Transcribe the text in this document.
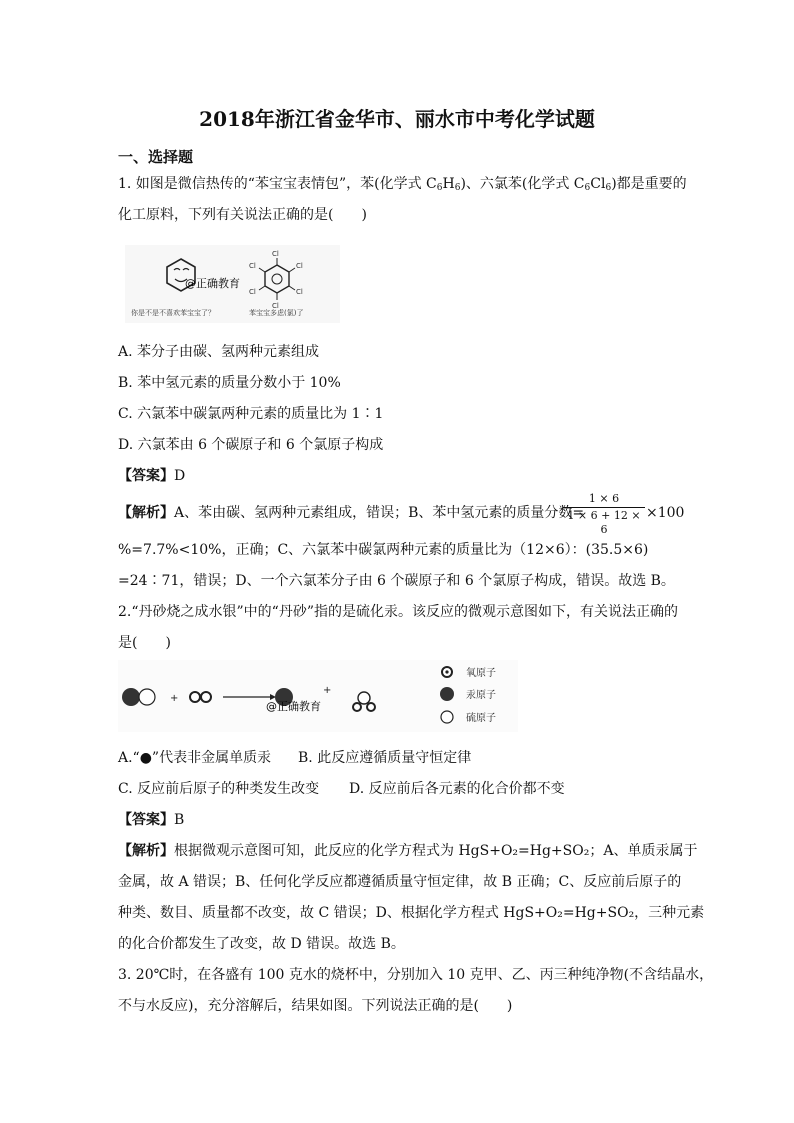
2018年浙江省金华市、丽水市中考化学试题
一、选择题
1. 如图是微信热传的“苯宝宝表情包”，苯(化学式 $C_6H_6$)、六氯苯(化学式 $C_6Cl_6$)都是重要的
化工原料，下列有关说法正确的是(　　)
@正确教育
Cl
Cl
Cl
Cl
Cl
Cl
你是不是不喜欢苯宝宝了？	苯宝宝多虑(氯)了
A. 苯分子由碳、氢两种元素组成
B. 苯中氢元素的质量分数小于 10%
C. 六氯苯中碳氯两种元素的质量比为 1∶1
D. 六氯苯由 6 个碳原子和 6 个氯原子构成
【答案】D
【解析】A、苯由碳、氢两种元素组成，错误；B、苯中氢元素的质量分数=
1 × 6
1 × 6 + 12 × 6
×100
%=7.7%<10%，正确；C、六氯苯中碳氯两种元素的质量比为（12×6）：(35.5×6)
=24∶71，错误；D、一个六氯苯分子由 6 个碳原子和 6 个氯原子构成，错误。故选 B。
2.“丹砂烧之成水银”中的“丹砂”指的是硫化汞。该反应的微观示意图如下，有关说法正确的
是(　　)
+
@正确教育
+
氧原子
汞原子
硫原子
A.“●”代表非金属单质汞 B. 此反应遵循质量守恒定律
C. 反应前后原子的种类发生改变 D. 反应前后各元素的化合价都不变
【答案】B
【解析】根据微观示意图可知，此反应的化学方程式为 HgS+O₂=Hg+SO₂；A、单质汞属于
金属，故 A 错误；B、任何化学反应都遵循质量守恒定律，故 B 正确；C、反应前后原子的
种类、数目、质量都不改变，故 C 错误；D、根据化学方程式 HgS+O₂=Hg+SO₂，三种元素
的化合价都发生了改变，故 D 错误。故选 B。
3. 20℃时，在各盛有 100 克水的烧杯中，分别加入 10 克甲、乙、丙三种纯净物(不含结晶水，
不与水反应)，充分溶解后，结果如图。下列说法正确的是(　　)
